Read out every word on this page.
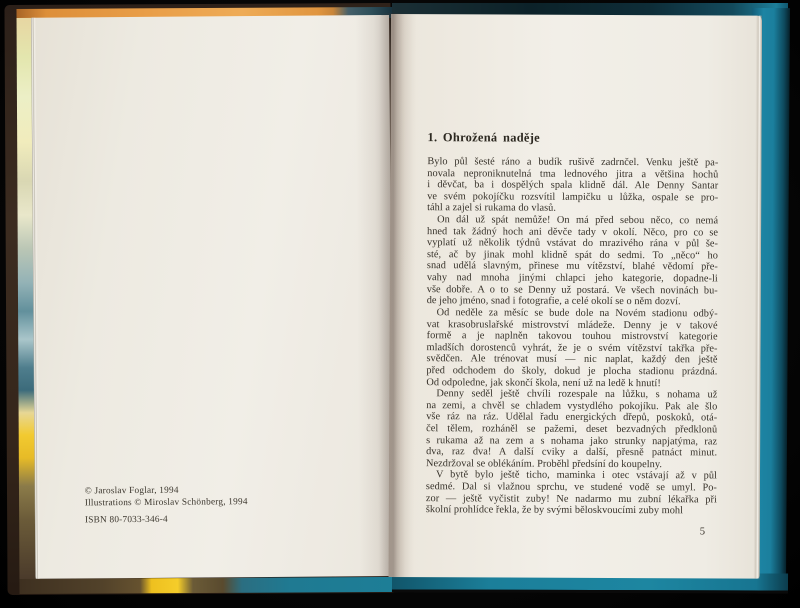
© Jaroslav Foglar, 1994
Illustrations © Miroslav Schönberg, 1994
ISBN 80-7033-346-4
1. Ohrožená naděje
Bylo půl šesté ráno a budík rušivě zadrnčel. Venku ještě pa-
novala neproniknutelná tma lednového jitra a většina hochů
i děvčat, ba i dospělých spala klidně dál. Ale Denny Santar
ve svém pokojíčku rozsvítil lampičku u lůžka, ospale se pro-
táhl a zajel si rukama do vlasů.
On dál už spát nemůže! On má před sebou něco, co nemá
hned tak žádný hoch ani děvče tady v okolí. Něco, pro co se
vyplatí už několik týdnů vstávat do mrazivého rána v půl še-
sté, ač by jinak mohl klidně spát do sedmi. To „něco“ ho
snad udělá slavným, přinese mu vítězství, blahé vědomí pře-
vahy nad mnoha jinými chlapci jeho kategorie, dopadne-li
vše dobře. A o to se Denny už postará. Ve všech novinách bu-
de jeho jméno, snad i fotografie, a celé okolí se o něm dozví.
Od neděle za měsíc se bude dole na Novém stadionu odbý-
vat krasobruslařské mistrovství mládeže. Denny je v takové
formě a je naplněn takovou touhou mistrovství kategorie
mladších dorostenců vyhrát, že je o svém vítězství takřka pře-
svědčen. Ale trénovat musí — nic naplat, každý den ještě
před odchodem do školy, dokud je plocha stadionu prázdná.
Od odpoledne, jak skončí škola, není už na ledě k hnutí!
Denny seděl ještě chvíli rozespale na lůžku, s nohama už
na zemi, a chvěl se chladem vystydlého pokojíku. Pak ale šlo
vše ráz na ráz. Udělal řadu energických dřepů, poskoků, otá-
čel tělem, rozháněl se pažemi, deset bezvadných předklonů
s rukama až na zem a s nohama jako strunky napjatýma, raz
dva, raz dva! A další cviky a další, přesně patnáct minut.
Nezdržoval se oblékáním. Proběhl předsíní do koupelny.
V bytě bylo ještě ticho, maminka i otec vstávají až v půl
sedmé. Dal si vlažnou sprchu, ve studené vodě se umyl. Po-
zor — ještě vyčistit zuby! Ne nadarmo mu zubní lékařka při
školní prohlídce řekla, že by svými běloskvoucími zuby mohl
5
